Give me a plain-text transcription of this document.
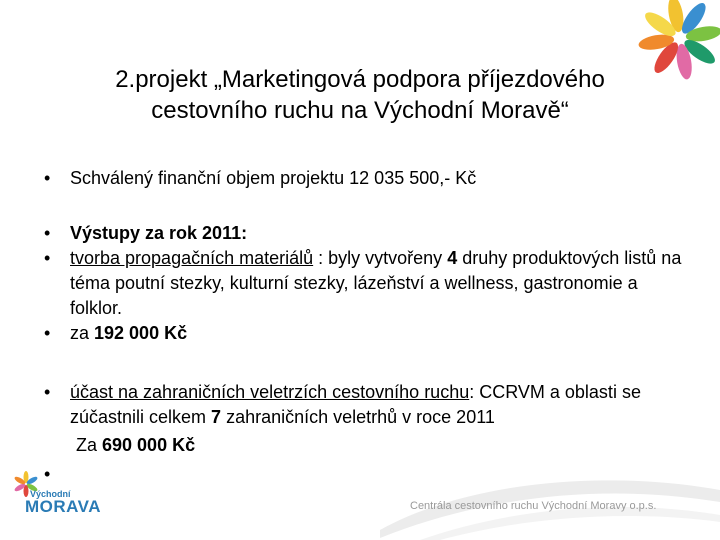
2.projekt „Marketingová podpora příjezdového
cestovního ruchu na Východní Moravě“
•	Schválený finanční objem projektu 12 035 500,- Kč
•	Výstupy za rok 2011:
•	tvorba propagačních materiálů : byly vytvořeny 4 druhy produktových listů na téma poutní stezky, kulturní stezky, lázeňství a wellness, gastronomie a folklor.
•	za 192 000 Kč
•	účast na zahraničních veletrzích cestovního ruchu: CCRVM a oblasti se zúčastnili celkem 7 zahraničních veletrhů v roce 2011
Za 690 000 Kč
•
Východní
MORAVA	Centrála cestovního ruchu Východní Moravy o.p.s.
